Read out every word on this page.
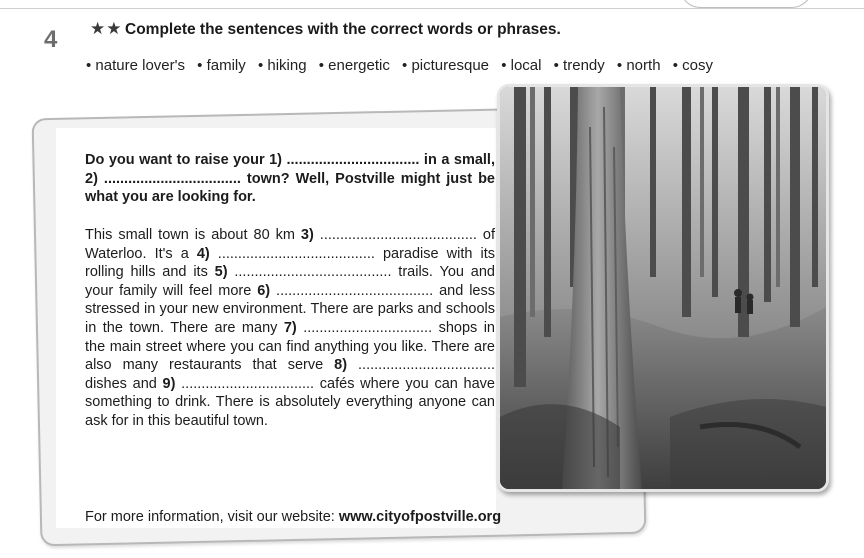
4 ★★ Complete the sentences with the correct words or phrases.
• nature lover's • family • hiking • energetic • picturesque • local • trendy • north • cosy
Do you want to raise your 1) ................................. in a small, 2) .................................. town? Well, Postville might just be what you are looking for.
This small town is about 80 km 3) ....................................... of Waterloo. It's a 4) ....................................... paradise with its rolling hills and its 5) ....................................... trails. You and your family will feel more 6) ....................................... and less stressed in your new environment. There are parks and schools in the town. There are many 7) ................................ shops in the main street where you can find anything you like. There are also many restaurants that serve 8) .................................. dishes and 9) ................................. cafés where you can have something to drink. There is absolutely everything anyone can ask for in this beautiful town.
For more information, visit our website: www.cityofpostville.org
